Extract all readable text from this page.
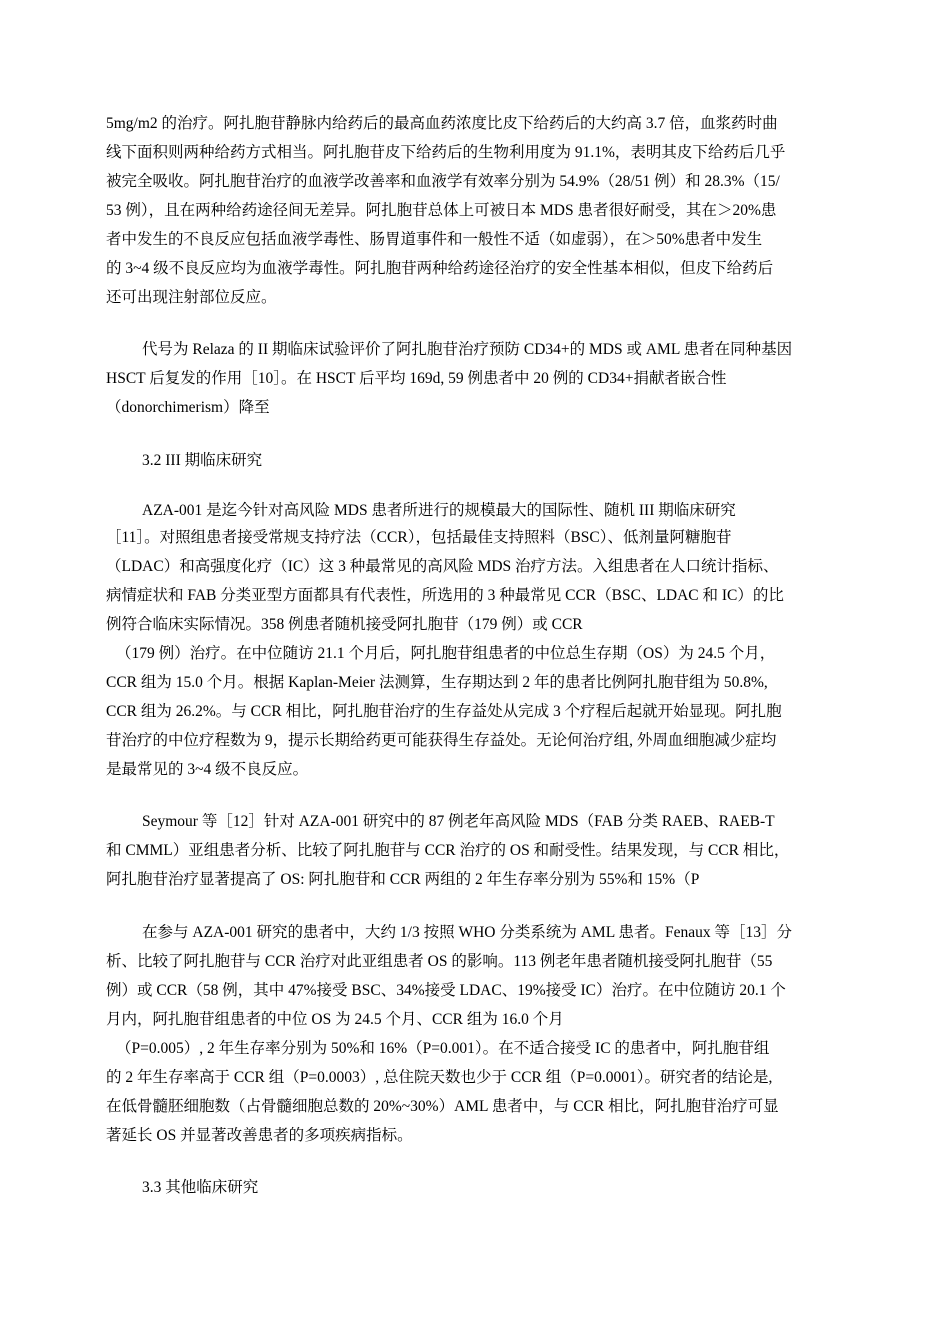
5mg/m2 的治疗。阿扎胞苷静脉内给药后的最高血药浓度比皮下给药后的大约高 3.7 倍，血浆药时曲
线下面积则两种给药方式相当。阿扎胞苷皮下给药后的生物利用度为 91.1%，表明其皮下给药后几乎
被完全吸收。阿扎胞苷治疗的血液学改善率和血液学有效率分别为 54.9%（28/51 例）和 28.3%（15/
53 例），且在两种给药途径间无差异。阿扎胞苷总体上可被日本 MDS 患者很好耐受，其在＞20%患
者中发生的不良反应包括血液学毒性、肠胃道事件和一般性不适（如虚弱），在＞50%患者中发生
的 3~4 级不良反应均为血液学毒性。阿扎胞苷两种给药途径治疗的安全性基本相似，但皮下给药后
还可出现注射部位反应。
代号为 Relaza 的 II 期临床试验评价了阿扎胞苷治疗预防 CD34+的 MDS 或 AML 患者在同种基因
HSCT 后复发的作用［10］。在 HSCT 后平均 169d, 59 例患者中 20 例的 CD34+捐献者嵌合性
（donorchimerism）降至
3.2 III 期临床研究
AZA-001 是迄今针对高风险 MDS 患者所进行的规模最大的国际性、随机 III 期临床研究
［11］。对照组患者接受常规支持疗法（CCR），包括最佳支持照料（BSC）、低剂量阿糖胞苷
（LDAC）和高强度化疗（IC）这 3 种最常见的高风险 MDS 治疗方法。入组患者在人口统计指标、
病情症状和 FAB 分类亚型方面都具有代表性，所选用的 3 种最常见 CCR（BSC、LDAC 和 IC）的比
例符合临床实际情况。358 例患者随机接受阿扎胞苷（179 例）或 CCR
（179 例）治疗。在中位随访 21.1 个月后，阿扎胞苷组患者的中位总生存期（OS）为 24.5 个月，
CCR 组为 15.0 个月。根据 Kaplan-Meier 法测算，生存期达到 2 年的患者比例阿扎胞苷组为 50.8%,
CCR 组为 26.2%。与 CCR 相比，阿扎胞苷治疗的生存益处从完成 3 个疗程后起就开始显现。阿扎胞
苷治疗的中位疗程数为 9，提示长期给药更可能获得生存益处。无论何治疗组, 外周血细胞减少症均
是最常见的 3~4 级不良反应。
Seymour 等［12］针对 AZA-001 研究中的 87 例老年高风险 MDS（FAB 分类 RAEB、RAEB-T
和 CMML）亚组患者分析、比较了阿扎胞苷与 CCR 治疗的 OS 和耐受性。结果发现，与 CCR 相比，
阿扎胞苷治疗显著提高了 OS: 阿扎胞苷和 CCR 两组的 2 年生存率分别为 55%和 15%（P
在参与 AZA-001 研究的患者中，大约 1/3 按照 WHO 分类系统为 AML 患者。Fenaux 等［13］分
析、比较了阿扎胞苷与 CCR 治疗对此亚组患者 OS 的影响。113 例老年患者随机接受阿扎胞苷（55
例）或 CCR（58 例，其中 47%接受 BSC、34%接受 LDAC、19%接受 IC）治疗。在中位随访 20.1 个
月内，阿扎胞苷组患者的中位 OS 为 24.5 个月、CCR 组为 16.0 个月
（P=0.005）, 2 年生存率分别为 50%和 16%（P=0.001）。在不适合接受 IC 的患者中，阿扎胞苷组
的 2 年生存率高于 CCR 组（P=0.0003）, 总住院天数也少于 CCR 组（P=0.0001）。研究者的结论是,
在低骨髓胚细胞数（占骨髓细胞总数的 20%~30%）AML 患者中，与 CCR 相比，阿扎胞苷治疗可显
著延长 OS 并显著改善患者的多项疾病指标。
3.3 其他临床研究
